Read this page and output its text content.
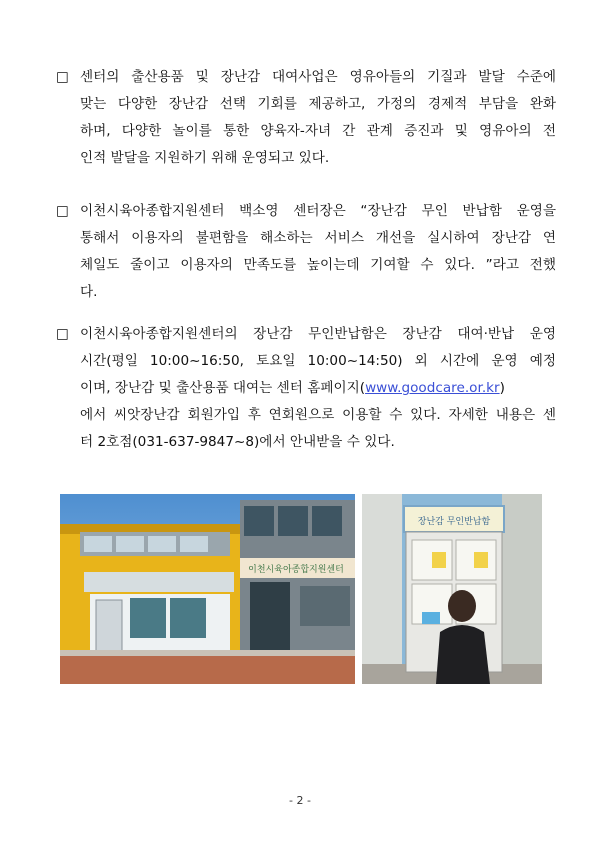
□ 센터의 출산용품 및 장난감 대여사업은 영유아들의 기질과 발달 수준에
맞는 다양한 장난감 선택 기회를 제공하고, 가정의 경제적 부담을 완화
하며, 다양한 놀이를 통한 양육자-자녀 간 관계 증진과 및 영유아의 전
인적 발달을 지원하기 위해 운영되고 있다.
□ 이천시육아종합지원센터 백소영 센터장은 “장난감 무인 반납함 운영을
통해서 이용자의 불편함을 해소하는 서비스 개선을 실시하여 장난감 연
체일도 줄이고 이용자의 만족도를 높이는데 기여할 수 있다. ”라고 전했
다.
□ 이천시육아종합지원센터의 장난감 무인반납함은 장난감 대여·반납 운영
시간(평일 10:00~16:50, 토요일 10:00~14:50) 외 시간에 운영 예정
이며, 장난감 및 출산용품 대여는 센터 홈페이지(www.goodcare.or.kr)
에서 씨앗장난감 회원가입 후 연회원으로 이용할 수 있다. 자세한 내용은 센
터 2호점(031-637-9847~8)에서 안내받을 수 있다.
이천시육아종합지원센터
장난감 무인반납함
- 2 -
